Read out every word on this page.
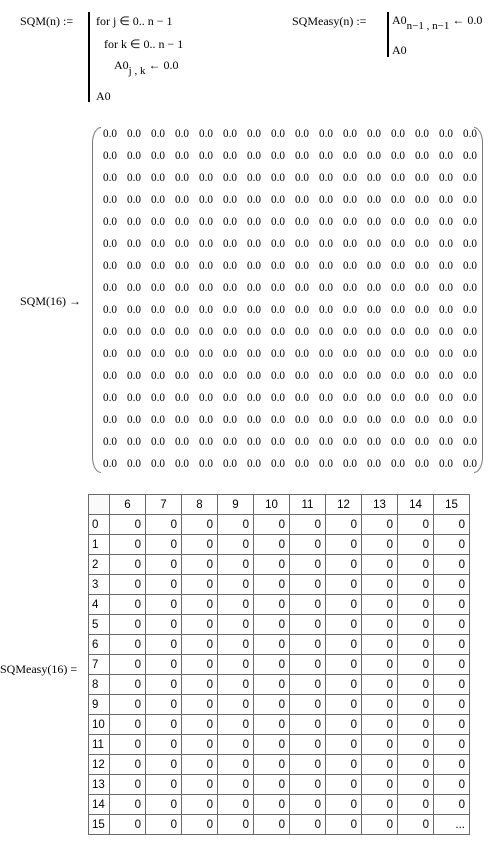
SQM(n) := for j ∈ 0.. n − 1
for k ∈ 0.. n − 1
A0j , k ← 0.0
A0
SQMeasy(n) := A0n−1 , n−1 ← 0.0
A0
SQM(16) →
0.0 0.0 0.0 0.0 0.0 0.0 0.0 0.0 0.0 0.0 0.0 0.0 0.0 0.0 0.0 0.0
0.0 0.0 0.0 0.0 0.0 0.0 0.0 0.0 0.0 0.0 0.0 0.0 0.0 0.0 0.0 0.0
0.0 0.0 0.0 0.0 0.0 0.0 0.0 0.0 0.0 0.0 0.0 0.0 0.0 0.0 0.0 0.0
0.0 0.0 0.0 0.0 0.0 0.0 0.0 0.0 0.0 0.0 0.0 0.0 0.0 0.0 0.0 0.0
0.0 0.0 0.0 0.0 0.0 0.0 0.0 0.0 0.0 0.0 0.0 0.0 0.0 0.0 0.0 0.0
0.0 0.0 0.0 0.0 0.0 0.0 0.0 0.0 0.0 0.0 0.0 0.0 0.0 0.0 0.0 0.0
0.0 0.0 0.0 0.0 0.0 0.0 0.0 0.0 0.0 0.0 0.0 0.0 0.0 0.0 0.0 0.0
0.0 0.0 0.0 0.0 0.0 0.0 0.0 0.0 0.0 0.0 0.0 0.0 0.0 0.0 0.0 0.0
0.0 0.0 0.0 0.0 0.0 0.0 0.0 0.0 0.0 0.0 0.0 0.0 0.0 0.0 0.0 0.0
0.0 0.0 0.0 0.0 0.0 0.0 0.0 0.0 0.0 0.0 0.0 0.0 0.0 0.0 0.0 0.0
0.0 0.0 0.0 0.0 0.0 0.0 0.0 0.0 0.0 0.0 0.0 0.0 0.0 0.0 0.0 0.0
0.0 0.0 0.0 0.0 0.0 0.0 0.0 0.0 0.0 0.0 0.0 0.0 0.0 0.0 0.0 0.0
0.0 0.0 0.0 0.0 0.0 0.0 0.0 0.0 0.0 0.0 0.0 0.0 0.0 0.0 0.0 0.0
0.0 0.0 0.0 0.0 0.0 0.0 0.0 0.0 0.0 0.0 0.0 0.0 0.0 0.0 0.0 0.0
0.0 0.0 0.0 0.0 0.0 0.0 0.0 0.0 0.0 0.0 0.0 0.0 0.0 0.0 0.0 0.0
0.0 0.0 0.0 0.0 0.0 0.0 0.0 0.0 0.0 0.0 0.0 0.0 0.0 0.0 0.0 0.0
SQMeasy(16) =
	6	7	8	9	10	11	12	13	14	15
0	0	0	0	0	0	0	0	0	0	0
1	0	0	0	0	0	0	0	0	0	0
2	0	0	0	0	0	0	0	0	0	0
3	0	0	0	0	0	0	0	0	0	0
4	0	0	0	0	0	0	0	0	0	0
5	0	0	0	0	0	0	0	0	0	0
6	0	0	0	0	0	0	0	0	0	0
7	0	0	0	0	0	0	0	0	0	0
8	0	0	0	0	0	0	0	0	0	0
9	0	0	0	0	0	0	0	0	0	0
10	0	0	0	0	0	0	0	0	0	0
11	0	0	0	0	0	0	0	0	0	0
12	0	0	0	0	0	0	0	0	0	0
13	0	0	0	0	0	0	0	0	0	0
14	0	0	0	0	0	0	0	0	0	0
15	0	0	0	0	0	0	0	0	0	...
